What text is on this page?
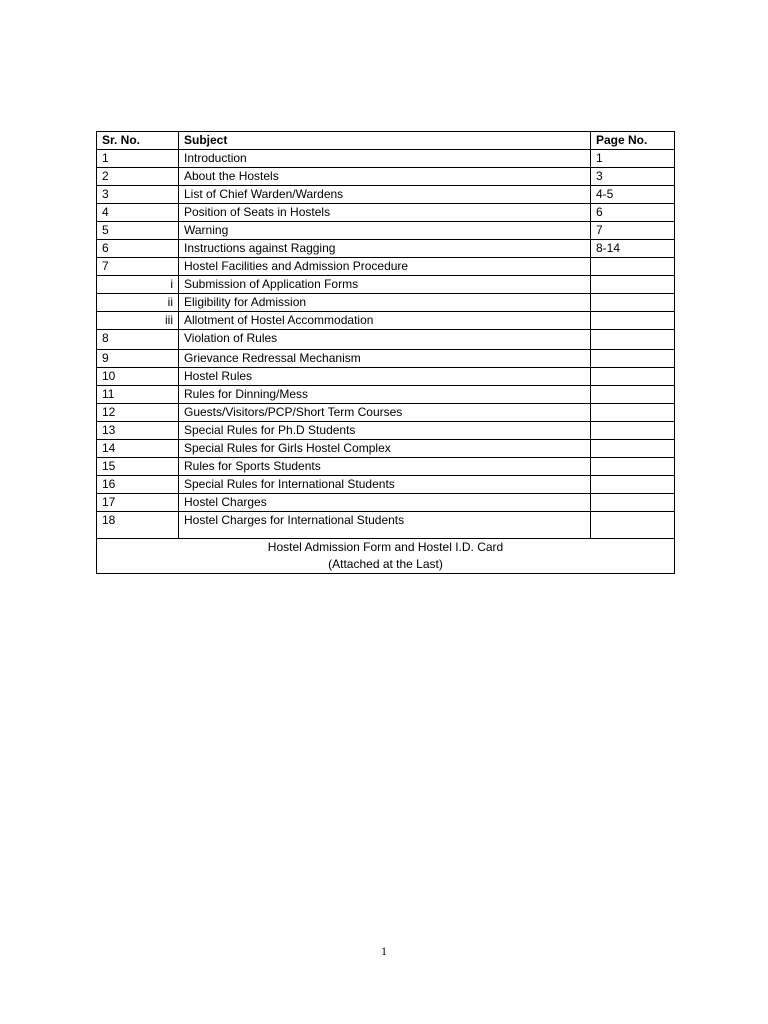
Sr. No.	Subject	Page No.
1	Introduction	1
2	About the Hostels	3
3	List of Chief Warden/Wardens	4-5
4	Position of Seats in Hostels	6
5	Warning	7
6	Instructions against Ragging	8-14
7	Hostel Facilities and Admission Procedure	
i	Submission of Application Forms	
ii	Eligibility for Admission	
iii	Allotment of Hostel Accommodation	
8	Violation of Rules	
9	Grievance Redressal Mechanism	
10	Hostel Rules	
11	Rules for Dinning/Mess	
12	Guests/Visitors/PCP/Short Term Courses	
13	Special Rules for Ph.D Students	
14	Special Rules for Girls Hostel Complex	
15	Rules for Sports Students	
16	Special Rules for International Students	
17	Hostel Charges	
18	Hostel Charges for International Students	

Hostel Admission Form and Hostel I.D. Card
(Attached at the Last)		
1
